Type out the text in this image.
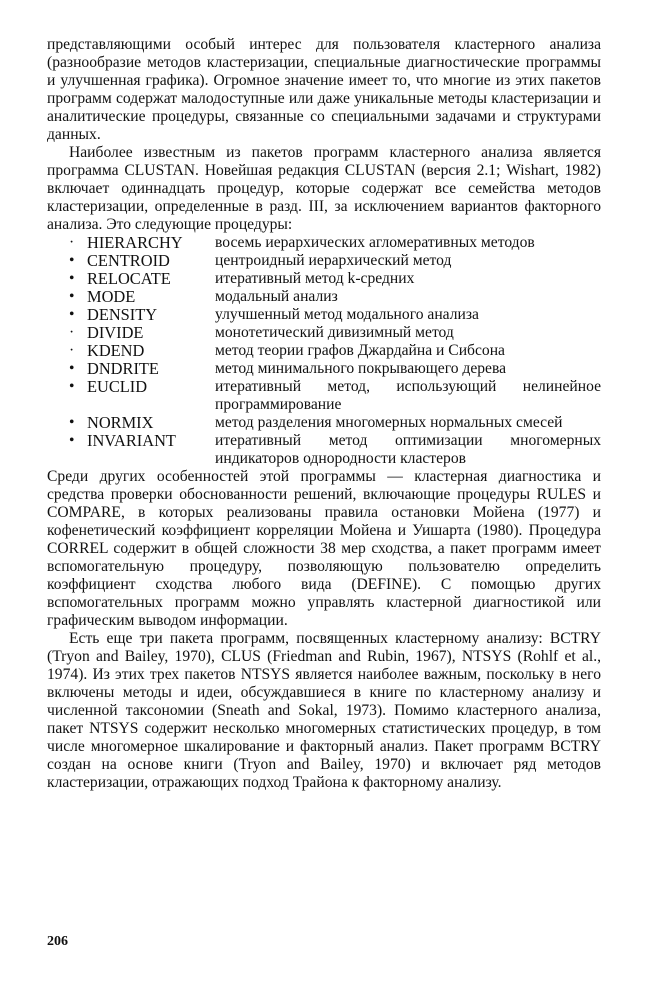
представляющими особый интерес для пользователя кластерного анализа (разнообразие методов кластеризации, специальные диагностические программы и улучшенная графика). Огромное значение имеет то, что многие из этих пакетов программ содержат малодоступные или даже уникальные методы кластеризации и аналитические процедуры, связанные со специальными задачами и структурами данных.

Наиболее известным из пакетов программ кластерного анализа является программа CLUSTAN. Новейшая редакция CLUSTAN (версия 2.1; Wishart, 1982) включает одиннадцать процедур, которые содержат все семейства методов кластеризации, определенные в разд. III, за исключением вариантов факторного анализа. Это следующие процедуры:

· HIERARCHY	восемь иерархических агломеративных методов
• CENTROID	центроидный иерархический метод
• RELOCATE	итеративный метод k-средних
• MODE	модальный анализ
• DENSITY	улучшенный метод модального анализа
· DIVIDE	монотетический дивизимный метод
· KDEND	метод теории графов Джардайна и Сибсона
• DNDRITE	метод минимального покрывающего дерева
• EUCLID	итеративный метод, использующий нелинейное программирование
• NORMIX	метод разделения многомерных нормальных смесей
• INVARIANT	итеративный метод оптимизации многомерных индикаторов однородности кластеров

Среди других особенностей этой программы — кластерная диагностика и средства проверки обоснованности решений, включающие процедуры RULES и COMPARE, в которых реализованы правила остановки Мойена (1977) и кофенетический коэффициент корреляции Мойена и Уишарта (1980). Процедура CORREL содержит в общей сложности 38 мер сходства, а пакет программ имеет вспомогательную процедуру, позволяющую пользователю определить коэффициент сходства любого вида (DEFINE). С помощью других вспомогательных программ можно управлять кластерной диагностикой или графическим выводом информации.

Есть еще три пакета программ, посвященных кластерному анализу: BCTRY (Tryon and Bailey, 1970), CLUS (Friedman and Rubin, 1967), NTSYS (Rohlf et al., 1974). Из этих трех пакетов NTSYS является наиболее важным, поскольку в него включены методы и идеи, обсуждавшиеся в книге по кластерному анализу и численной таксономии (Sneath and Sokal, 1973). Помимо кластерного анализа, пакет NTSYS содержит несколько многомерных статистических процедур, в том числе многомерное шкалирование и факторный анализ. Пакет программ BCTRY создан на основе книги (Tryon and Bailey, 1970) и включает ряд методов кластеризации, отражающих подход Трайона к факторному анализу.

206
